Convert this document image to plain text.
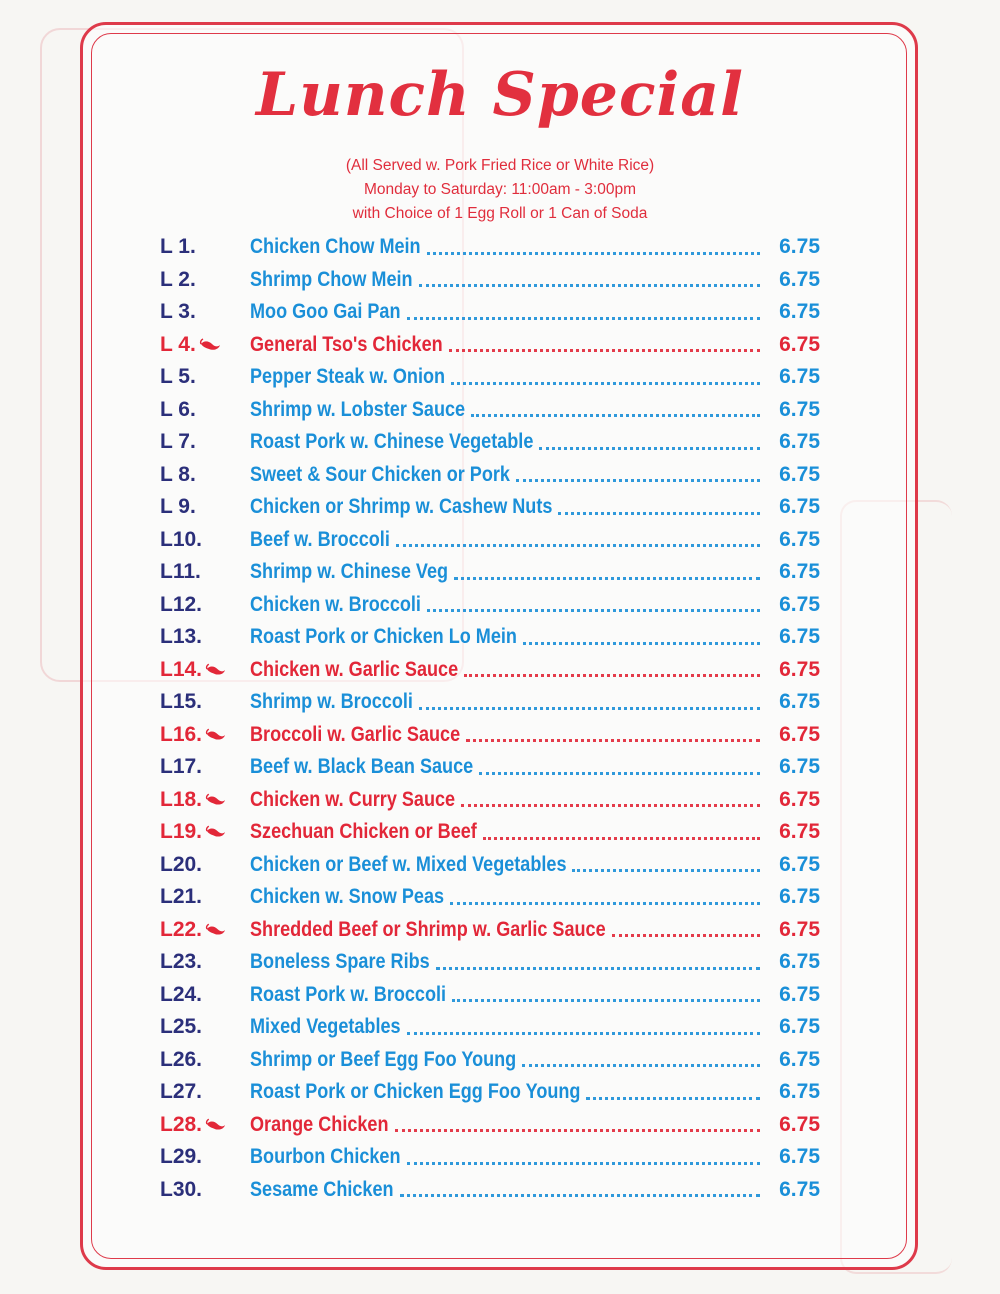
Lunch Special
(All Served w. Pork Fried Rice or White Rice)
Monday to Saturday: 11:00am - 3:00pm
with Choice of 1 Egg Roll or 1 Can of Soda
L 1.	Chicken Chow Mein	6.75
L 2.	Shrimp Chow Mein	6.75
L 3.	Moo Goo Gai Pan	6.75
L 4.	General Tso's Chicken	6.75
L 5.	Pepper Steak w. Onion	6.75
L 6.	Shrimp w. Lobster Sauce	6.75
L 7.	Roast Pork w. Chinese Vegetable	6.75
L 8.	Sweet & Sour Chicken or Pork	6.75
L 9.	Chicken or Shrimp w. Cashew Nuts	6.75
L10. Beef w. Broccoli	6.75
L11. Shrimp w. Chinese Veg	6.75
L12. Chicken w. Broccoli	6.75
L13. Roast Pork or Chicken Lo Mein	6.75
L14. Chicken w. Garlic Sauce	6.75
L15. Shrimp w. Broccoli	6.75
L16. Broccoli w. Garlic Sauce	6.75
L17. Beef w. Black Bean Sauce	6.75
L18. Chicken w. Curry Sauce	6.75
L19. Szechuan Chicken or Beef	6.75
L20. Chicken or Beef w. Mixed Vegetables	6.75
L21. Chicken w. Snow Peas	6.75
L22. Shredded Beef or Shrimp w. Garlic Sauce	6.75
L23. Boneless Spare Ribs	6.75
L24. Roast Pork w. Broccoli	6.75
L25. Mixed Vegetables	6.75
L26. Shrimp or Beef Egg Foo Young	6.75
L27. Roast Pork or Chicken Egg Foo Young	6.75
L28. Orange Chicken	6.75
L29. Bourbon Chicken	6.75
L30. Sesame Chicken	6.75
